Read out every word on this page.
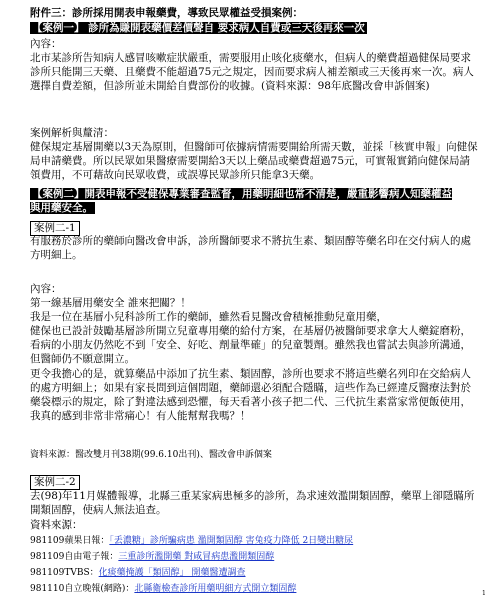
附件三：診所採用開表申報藥費，導致民眾權益受損案例：
【案例一】 診所為賺開表藥價差價聲自 要求病人自費或三天後再來一次
內容：
北市某診所告知病人感冒咳嗽症狀嚴重，需要服用止咳化痰藥水，但病人的藥費超過健保局要求診所只能開三天藥、且藥費不能超過75元之規定，因而要求病人補差額或三天後再來一次。病人選擇自費差額，但診所並未開給自費部份的收據。(資料來源：98年底醫改會申訴個案)
案例解析與釐清：
健保規定基層開藥以3天為原則，但醫師可依據病情需要開給所需天數，並採「核實申報」向健保局申請藥費。所以民眾如果醫療需要開給3天以上藥品或藥費超過75元，可實報實銷向健保局請領費用，不可藉故向民眾收費，或誤導民眾診所只能拿3天藥。
【案例二】開表申報不受健保專業審查監督，用藥明細也常不清楚，嚴重影響病人知藥權益與用藥安全。
案例二-1
有服務於診所的藥師向醫改會申訴，診所醫師要求不將抗生素、類固醇等藥名印在交付病人的處方明細上。
內容：
第一線基層用藥安全 誰來把關？！
我是一位在基層小兒科診所工作的藥師，雖然看見醫改會積極推動兒童用藥，
健保也已設計鼓勵基層診所開立兒童專用藥的給付方案，在基層仍被醫師要求拿大人藥錠磨粉，看病的小朋友仍然吃不到「安全、好吃、劑量準確」的兒童製劑。雖然我也嘗試去與診所溝通，但醫師仍不願意開立。
更令我擔心的是，就算藥品中添加了抗生素、類固醇，診所也要求不將這些藥名列印在交給病人的處方明細上；如果有家長問到這個問題，藥師還必須配合隱瞞，這些作為已經違反醫療法對於藥袋標示的規定，除了對違法感到恐懼，每天看著小孩子把二代、三代抗生素當家常便飯使用，我真的感到非常非常痛心！有人能幫幫我嗎？！
資料來源：醫改雙月刊38期(99.6.10出刊)、醫改會申訴個案
案例二-2
去(98)年11月媒體報導，北縣三重某家病患極多的診所，為求速效濫開類固醇，藥單上卻隱瞞所開類固醇，使病人無法追查。
資料來源：
981109蘋果日報：「丢濃糖」診所騙病患 濫開類固醇 害兔疫力降低 2日變出糖尿
981109自由電子報：三重診所濫開藥 對咸冒病患濫開類固醇
981109TVBS：化痰藥掩護「類固醇」 開藥醫遭調查
981110自立晚報(網路)：北縣衛檢查診所用藥明細方式開立類固醇	1
